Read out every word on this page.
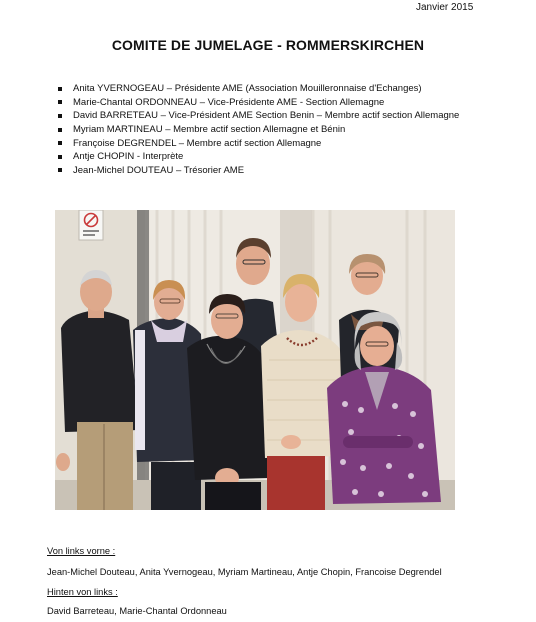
Janvier 2015
COMITE DE JUMELAGE - ROMMERSKIRCHEN
Anita YVERNOGEAU – Présidente AME (Association Mouilleronnaise d'Echanges)
Marie-Chantal ORDONNEAU – Vice-Présidente AME - Section Allemagne
David BARRETEAU – Vice-Président AME Section Benin – Membre actif section Allemagne
Myriam MARTINEAU – Membre actif section Allemagne et Bénin
Françoise DEGRENDEL – Membre actif section Allemagne
Antje CHOPIN - Interprète
Jean-Michel DOUTEAU – Trésorier AME
Von links vorne :
Jean-Michel Douteau, Anita Yvernogeau, Myriam Martineau, Antje Chopin, Francoise Degrendel
Hinten von links :
David Barreteau, Marie-Chantal Ordonneau
